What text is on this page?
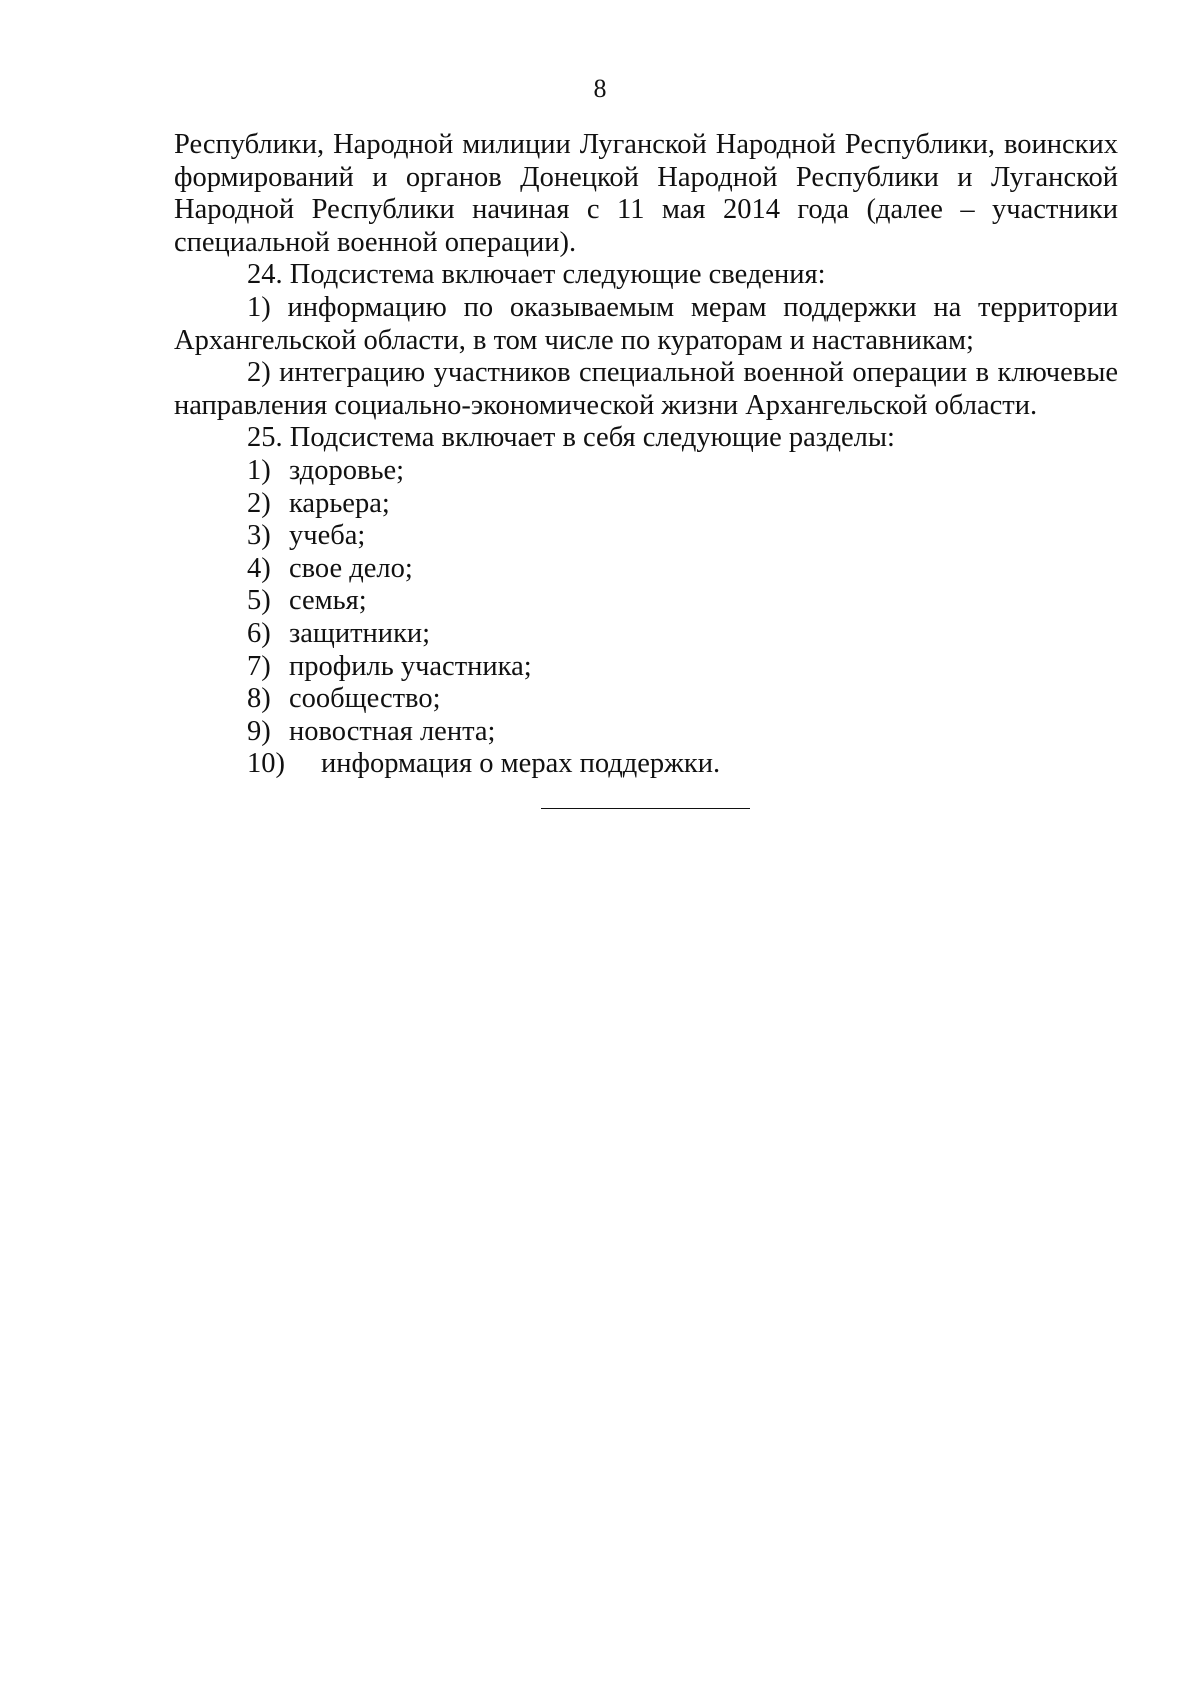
8

Республики, Народной милиции Луганской Народной Республики, воинских формирований и органов Донецкой Народной Республики и Луганской Народной Республики начиная с 11 мая 2014 года (далее – участники специальной военной операции).

24. Подсистема включает следующие сведения:

1) информацию по оказываемым мерам поддержки на территории Архангельской области, в том числе по кураторам и наставникам;

2) интеграцию участников специальной военной операции в ключевые направления социально-экономической жизни Архангельской области.

25. Подсистема включает в себя следующие разделы:

1) здоровье;

2) карьера;

3) учеба;

4) свое дело;

5) семья;

6) защитники;

7) профиль участника;

8) сообщество;

9) новостная лента;

10) информация о мерах поддержки.
